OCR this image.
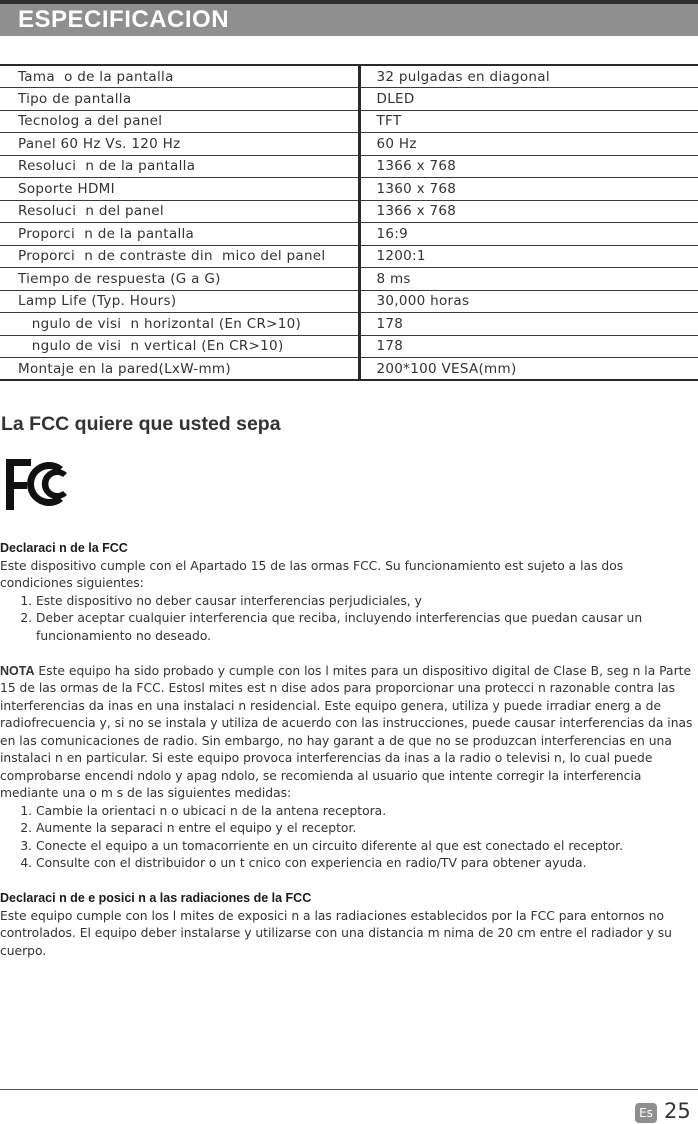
ESPECIFICACION
Tama  o de la pantalla	32 pulgadas en diagonal
Tipo de pantalla	DLED
Tecnolog a del panel	TFT
Panel 60 Hz Vs. 120 Hz	60 Hz
Resoluci  n de la pantalla	1366 x 768
Soporte HDMI	1360 x 768
Resoluci  n del panel	1366 x 768
Proporci  n de la pantalla	16:9
Proporci  n de contraste din  mico del panel	1200:1
Tiempo de respuesta (G a G)	8 ms
Lamp Life (Typ. Hours)	30,000 horas
ngulo de visi  n horizontal (En CR>10)	178
ngulo de visi  n vertical (En CR>10)	178
Montaje en la pared(LxW-mm)	200*100 VESA(mm)
La FCC quiere que usted sepa

Declaraci n de la FCC

Este dispositivo cumple con el Apartado 15 de las ormas FCC. Su funcionamiento est sujeto a las dos condiciones siguientes:

1. Este dispositivo no deber causar interferencias perjudiciales, y
2. Deber aceptar cualquier interferencia que reciba, incluyendo interferencias que puedan causar un funcionamiento no deseado.

NOTA Este equipo ha sido probado y cumple con los l mites para un dispositivo digital de Clase B, seg n la Parte 15 de las ormas de la FCC. Estosl mites est n dise ados para proporcionar una protecci n razonable contra las interferencias da inas en una instalaci n residencial. Este equipo genera, utiliza y puede irradiar energ a de radiofrecuencia y, si no se instala y utiliza de acuerdo con las instrucciones, puede causar interferencias da inas en las comunicaciones de radio. Sin embargo, no hay garant a de que no se produzcan interferencias en una instalaci n en particular. Si este equipo provoca interferencias da inas a la radio o televisi n, lo cual puede comprobarse encendi ndolo y apag ndolo, se recomienda al usuario que intente corregir la interferencia mediante una o m s de las siguientes medidas:

1. Cambie la orientaci n o ubicaci n de la antena receptora.
2. Aumente la separaci n entre el equipo y el receptor.
3. Conecte el equipo a un tomacorriente en un circuito diferente al que est conectado el receptor.
4. Consulte con el distribuidor o un t cnico con experiencia en radio/TV para obtener ayuda.

Declaraci n de e posici n a las radiaciones de la FCC

Este equipo cumple con los l mites de exposici n a las radiaciones establecidos por la FCC para entornos no controlados. El equipo deber instalarse y utilizarse con una distancia m nima de 20 cm entre el radiador y su cuerpo.

Es 25
